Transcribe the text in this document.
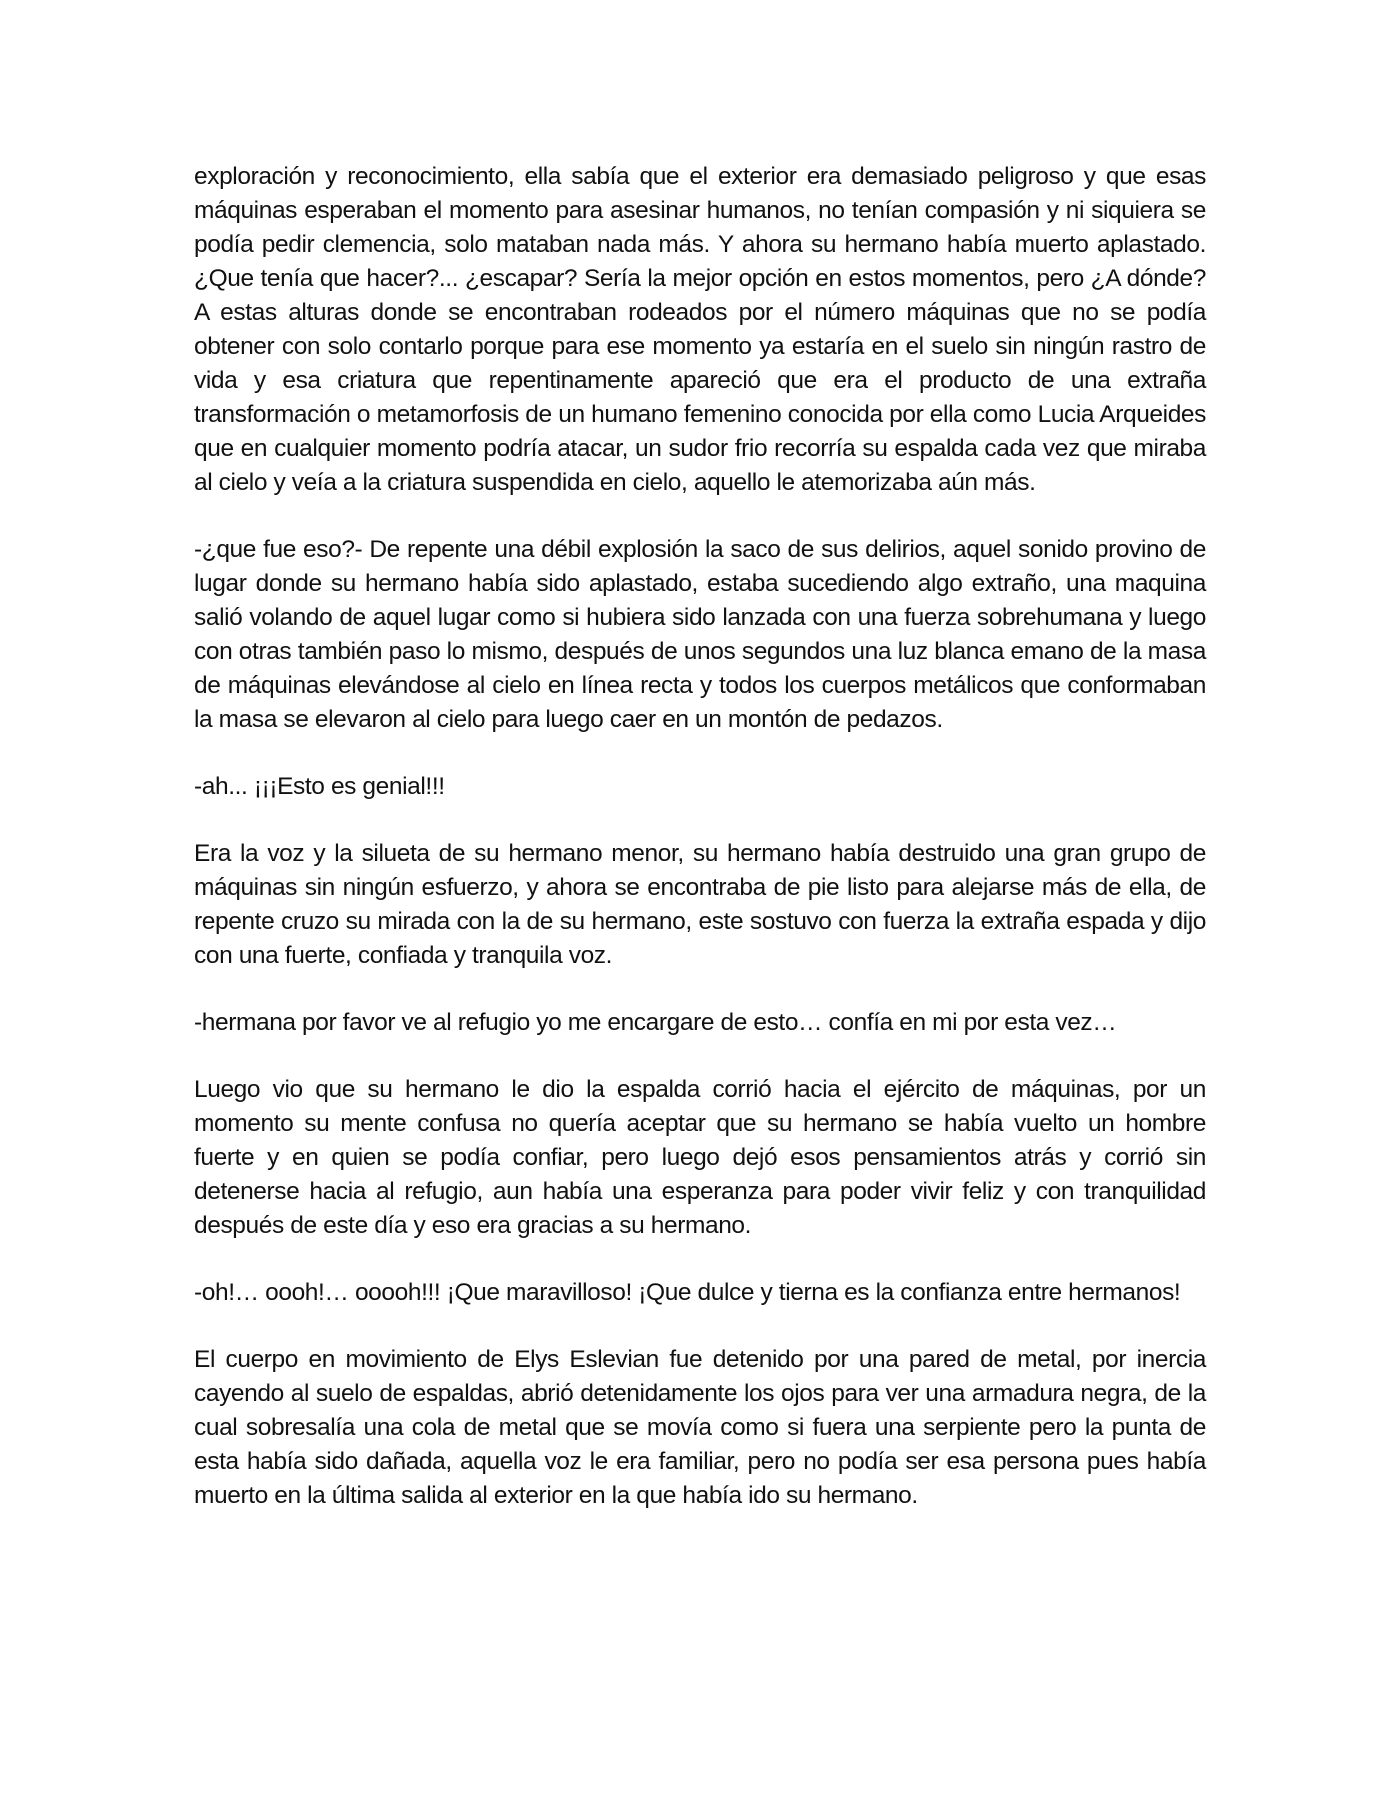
exploración y reconocimiento, ella sabía que el exterior era demasiado peligroso y que esas máquinas esperaban el momento para asesinar humanos, no tenían compasión y ni siquiera se podía pedir clemencia, solo mataban nada más. Y ahora su hermano había muerto aplastado. ¿Que tenía que hacer?... ¿escapar? Sería la mejor opción en estos momentos, pero ¿A dónde? A estas alturas donde se encontraban rodeados por el número máquinas que no se podía obtener con solo contarlo porque para ese momento ya estaría en el suelo sin ningún rastro de vida y esa criatura que repentinamente apareció que era el producto de una extraña transformación o metamorfosis de un humano femenino conocida por ella como Lucia Arqueides que en cualquier momento podría atacar, un sudor frio recorría su espalda cada vez que miraba al cielo y veía a la criatura suspendida en cielo, aquello le atemorizaba aún más.

-¿que fue eso?- De repente una débil explosión la saco de sus delirios, aquel sonido provino de lugar donde su hermano había sido aplastado, estaba sucediendo algo extraño, una maquina salió volando de aquel lugar como si hubiera sido lanzada con una fuerza sobrehumana y luego con otras también paso lo mismo, después de unos segundos una luz blanca emano de la masa de máquinas elevándose al cielo en línea recta y todos los cuerpos metálicos que conformaban la masa se elevaron al cielo para luego caer en un montón de pedazos.

-ah... ¡¡¡Esto es genial!!!

Era la voz y la silueta de su hermano menor, su hermano había destruido una gran grupo de máquinas sin ningún esfuerzo, y ahora se encontraba de pie listo para alejarse más de ella, de repente cruzo su mirada con la de su hermano, este sostuvo con fuerza la extraña espada y dijo con una fuerte, confiada y tranquila voz.

-hermana por favor ve al refugio yo me encargare de esto… confía en mi por esta vez…

Luego vio que su hermano le dio la espalda corrió hacia el ejército de máquinas, por un momento su mente confusa no quería aceptar que su hermano se había vuelto un hombre fuerte y en quien se podía confiar, pero luego dejó esos pensamientos atrás y corrió sin detenerse hacia al refugio, aun había una esperanza para poder vivir feliz y con tranquilidad después de este día y eso era gracias a su hermano.

-oh!… oooh!… ooooh!!! ¡Que maravilloso! ¡Que dulce y tierna es la confianza entre hermanos!

El cuerpo en movimiento de Elys Eslevian fue detenido por una pared de metal, por inercia cayendo al suelo de espaldas, abrió detenidamente los ojos para ver una armadura negra, de la cual sobresalía una cola de metal que se movía como si fuera una serpiente pero la punta de esta había sido dañada, aquella voz le era familiar, pero no podía ser esa persona pues había muerto en la última salida al exterior en la que había ido su hermano.
